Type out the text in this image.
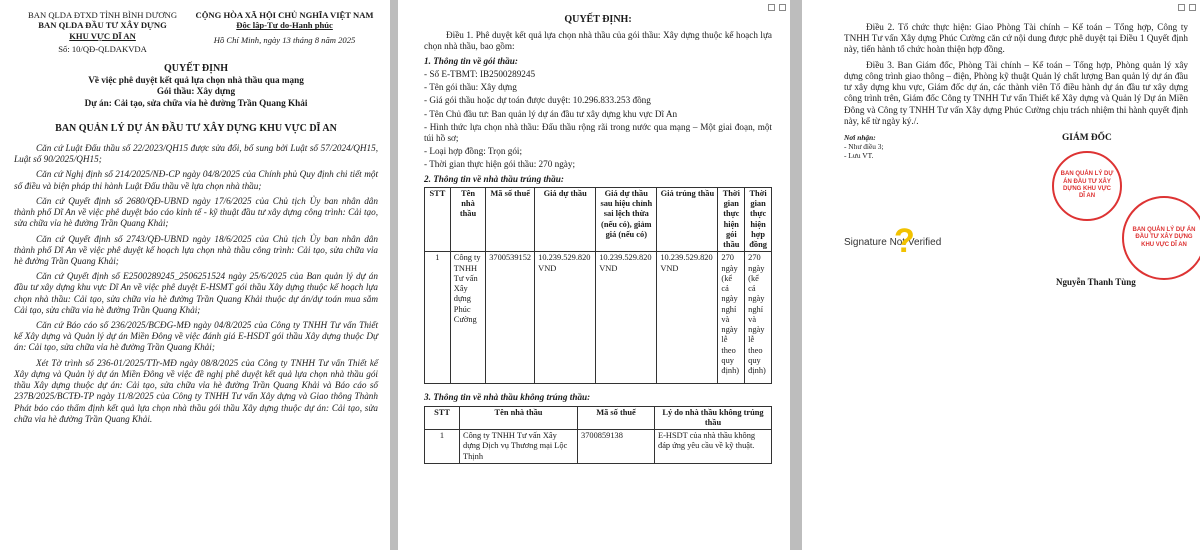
BAN QLDA ĐTXD TỈNH BÌNH DƯƠNG
BAN QLDA ĐẦU TƯ XÂY DỰNG
KHU VỰC DĨ AN
Số: 10/QĐ-QLDAKVDA
CỘNG HÒA XÃ HỘI CHỦ NGHĨA VIỆT NAM
Độc lập-Tự do-Hạnh phúc
Hồ Chí Minh, ngày 13 tháng 8 năm 2025
QUYẾT ĐỊNH
Về việc phê duyệt kết quả lựa chọn nhà thầu qua mạng
Gói thầu: Xây dựng
Dự án: Cải tạo, sửa chữa vỉa hè đường Trần Quang Khải
BAN QUẢN LÝ DỰ ÁN ĐẦU TƯ XÂY DỰNG KHU VỰC DĨ AN

Căn cứ Luật Đấu thầu số 22/2023/QH15 được sửa đổi, bổ sung bởi Luật số 57/2024/QH15, Luật số 90/2025/QH15;

Căn cứ Nghị định số 214/2025/NĐ-CP ngày 04/8/2025 của Chính phủ Quy định chi tiết một số điều và biện pháp thi hành Luật Đấu thầu về lựa chọn nhà thầu;

Căn cứ Quyết định số 2680/QĐ-UBND ngày 17/6/2025 của Chủ tịch Ủy ban nhân dân thành phố Dĩ An về việc phê duyệt báo cáo kinh tế - kỹ thuật đầu tư xây dựng công trình: Cải tạo, sửa chữa vỉa hè đường Trần Quang Khải;

Căn cứ Quyết định số 2743/QĐ-UBND ngày 18/6/2025 của Chủ tịch Ủy ban nhân dân thành phố Dĩ An về việc phê duyệt kế hoạch lựa chọn nhà thầu công trình: Cải tạo, sửa chữa vỉa hè đường Trần Quang Khải;

Căn cứ Quyết định số E2500289245_2506251524 ngày 25/6/2025 của Ban quản lý dự án đầu tư xây dựng khu vực Dĩ An về việc phê duyệt E-HSMT gói thầu Xây dựng thuộc kế hoạch lựa chọn nhà thầu: Cải tạo, sửa chữa vỉa hè đường Trần Quang Khải thuộc dự án/dự toán mua sắm Cải tạo, sửa chữa vỉa hè đường Trần Quang Khải;

Căn cứ Báo cáo số 236/2025/BCĐG-MĐ ngày 04/8/2025 của Công ty TNHH Tư vấn Thiết kế Xây dựng và Quản lý dự án Miền Đông về việc đánh giá E-HSDT gói thầu Xây dựng thuộc Dự án: Cải tạo, sửa chữa vỉa hè đường Trần Quang Khải;

Xét Tờ trình số 236-01/2025/TTr-MĐ ngày 08/8/2025 của Công ty TNHH Tư vấn Thiết kế Xây dựng và Quản lý dự án Miền Đông về việc đề nghị phê duyệt kết quả lựa chọn nhà thầu gói thầu Xây dựng thuộc dự án: Cải tạo, sửa chữa vỉa hè đường Trần Quang Khải và Báo cáo số 237B/2025/BCTĐ-TP ngày 11/8/2025 của Công ty TNHH Tư vấn Xây dựng và Giao thông Thành Phát báo cáo thẩm định kết quả lựa chọn nhà thầu gói thầu Xây dựng thuộc dự án: Cải tạo, sửa chữa vỉa hè đường Trần Quang Khải.

QUYẾT ĐỊNH:

Điều 1. Phê duyệt kết quả lựa chọn nhà thầu của gói thầu: Xây dựng thuộc kế hoạch lựa chọn nhà thầu, bao gồm:

1. Thông tin về gói thầu:

- Số E-TBMT: IB2500289245

- Tên gói thầu: Xây dựng

- Giá gói thầu hoặc dự toán được duyệt: 10.296.833.253 đồng

- Tên Chủ đầu tư: Ban quản lý dự án đầu tư xây dựng khu vực Dĩ An

- Hình thức lựa chọn nhà thầu: Đấu thầu rộng rãi trong nước qua mạng – Một giai đoạn, một túi hồ sơ;

- Loại hợp đồng: Trọn gói;

- Thời gian thực hiện gói thầu: 270 ngày;

2. Thông tin về nhà thầu trúng thầu:
STT	Tên nhà thầu	Mã số thuế	Giá dự thầu	Giá dự thầu sau hiệu chỉnh sai lệch thừa (nếu có), giảm giá (nếu có)	Giá trúng thầu	Thời gian thực hiện gói thầu	Thời gian thực hiện hợp đồng
1	Công ty TNHH Tư vấn Xây dựng Phúc Cường	3700539152	10.239.529.820 VND	10.239.529.820 VND	10.239.529.820 VND	270 ngày (kể cả ngày nghỉ và ngày lễ theo quy định)	270 ngày (kể cả ngày nghỉ và ngày lễ theo quy định)
3. Thông tin về nhà thầu không trúng thầu:
STT	Tên nhà thầu	Mã số thuế	Lý do nhà thầu không trúng thầu
1	Công ty TNHH Tư vấn Xây dựng Dịch vụ Thương mại Lộc Thịnh	3700859138	E-HSDT của nhà thầu không đáp ứng yêu cầu về kỹ thuật.

Điều 2. Tổ chức thực hiện: Giao Phòng Tài chính – Kế toán – Tổng hợp, Công ty TNHH Tư vấn Xây dựng Phúc Cường căn cứ nội dung được phê duyệt tại Điều 1 Quyết định này, tiến hành tổ chức hoàn thiện hợp đồng.

Điều 3. Ban Giám đốc, Phòng Tài chính – Kế toán – Tổng hợp, Phòng quản lý xây dựng công trình giao thông – điện, Phòng kỹ thuật Quản lý chất lượng Ban quản lý dự án đầu tư xây dựng khu vực, Giám đốc dự án, các thành viên Tổ điều hành dự án đầu tư xây dựng công trình trên, Giám đốc Công ty TNHH Tư vấn Thiết kế Xây dựng và Quản lý Dự án Miền Đông và Công ty TNHH Tư vấn Xây dựng Phúc Cường chịu trách nhiệm thi hành quyết định này, kể từ ngày ký./.

Nơi nhận:
- Như điều 3;
- Lưu VT.
GIÁM ĐỐC
BAN QUẢN LÝ DỰ ÁN ĐẦU TƯ XÂY DỰNG KHU VỰC DĨ AN
Signature Not Verified
?
Nguyễn Thanh Tùng
BAN QUẢN LÝ DỰ ÁN ĐẦU TƯ XÂY DỰNG KHU VỰC DĨ AN
